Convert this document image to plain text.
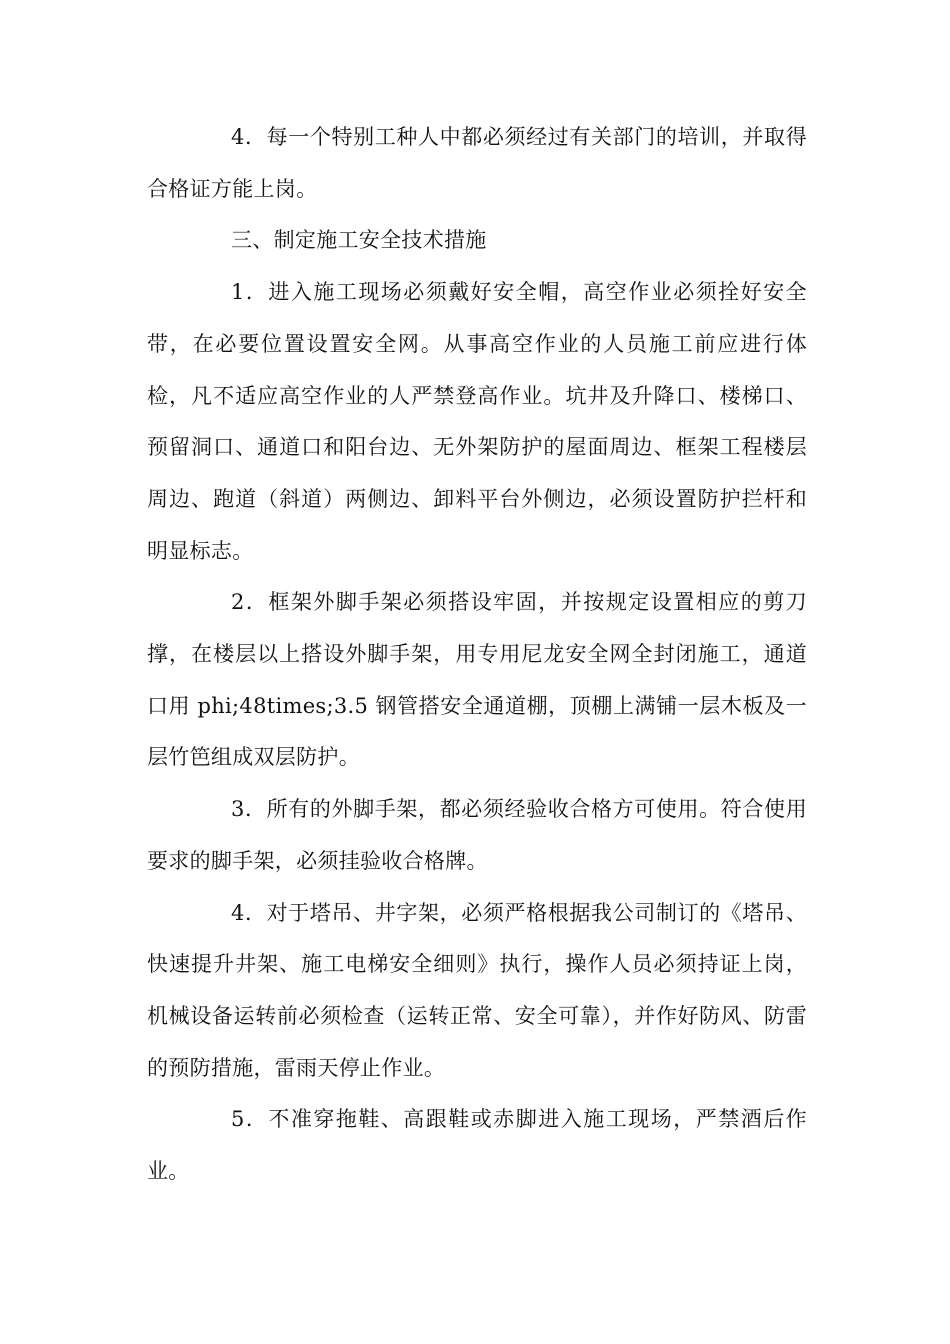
4．每一个特别工种人中都必须经过有关部门的培训，并取得合格证方能上岗。

三、制定施工安全技术措施

1．进入施工现场必须戴好安全帽，高空作业必须拴好安全带，在必要位置设置安全网。从事高空作业的人员施工前应进行体检，凡不适应高空作业的人严禁登高作业。坑井及升降口、楼梯口、预留洞口、通道口和阳台边、无外架防护的屋面周边、框架工程楼层周边、跑道（斜道）两侧边、卸料平台外侧边，必须设置防护拦杆和明显标志。

2．框架外脚手架必须搭设牢固，并按规定设置相应的剪刀撑，在楼层以上搭设外脚手架，用专用尼龙安全网全封闭施工，通道口用 phi;48times;3.5 钢管搭安全通道棚，顶棚上满铺一层木板及一层竹笆组成双层防护。

3．所有的外脚手架，都必须经验收合格方可使用。符合使用要求的脚手架，必须挂验收合格牌。

4．对于塔吊、井字架，必须严格根据我公司制订的《塔吊、快速提升井架、施工电梯安全细则》执行，操作人员必须持证上岗，机械设备运转前必须检查（运转正常、安全可靠），并作好防风、防雷的预防措施，雷雨天停止作业。

5．不准穿拖鞋、高跟鞋或赤脚进入施工现场，严禁酒后作业。
